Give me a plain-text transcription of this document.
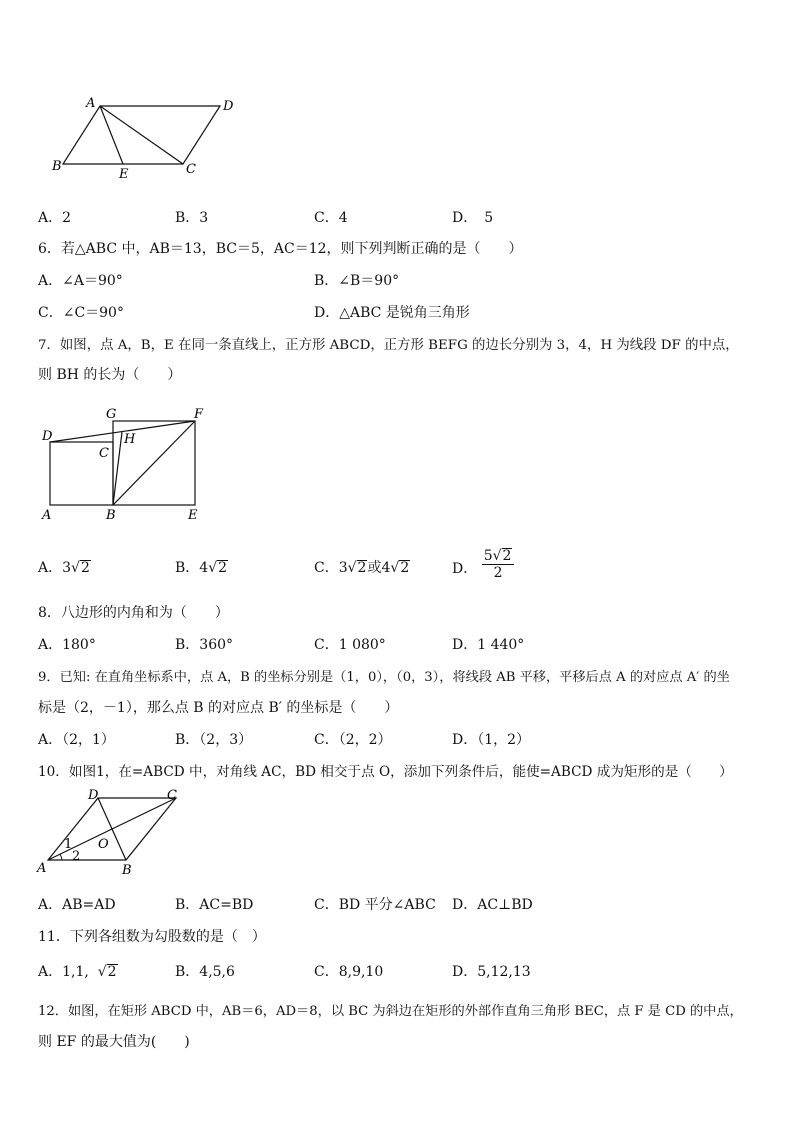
A	D
B
E	C
A．2	B．3	C．4	D．　5
6．若△ABC 中，AB＝13，BC＝5，AC＝12，则下列判断正确的是（　　）
A．∠A＝90°	B．∠B＝90°
C．∠C＝90°	D．△ABC 是锐角三角形
7．如图，点 A，B，E 在同一条直线上，正方形 ABCD，正方形 BEFG 的边长分别为 3，4，H 为线段 DF 的中点，
则 BH 的长为（　　）
G	F
D	H
C
A	B	E
A．3√2	B．4√2	C．3√2或4√2	D． $\frac{5√2}{2}$
8．八边形的内角和为（　　）
A．180°	B．360°	C．1 080°	D．1 440°
9．已知: 在直角坐标系中，点 A，B 的坐标分别是（1，0），（0，3），将线段 AB 平移，平移后点 A 的对应点 A′ 的坐
标是（2，－1），那么点 B 的对应点 B′ 的坐标是（　　）
A．（2，1）	B．（2，3）	C．（2，2）	D．（1，2）
10．如图1，在=ABCD 中，对角线 AC，BD 相交于点 O，添加下列条件后，能使=ABCD 成为矩形的是（　　）
D	C
O
1
2
A	B
A．AB=AD	B．AC=BD	C．BD 平分∠ABC D．AC⊥BD
11．下列各组数为勾股数的是（　）
A．1,1, √2	B．4,5,6	C．8,9,10	D．5,12,13
12．如图，在矩形 ABCD 中，AB＝6，AD＝8，以 BC 为斜边在矩形的外部作直角三角形 BEC，点 F 是 CD 的中点，
则 EF 的最大值为(　　)
